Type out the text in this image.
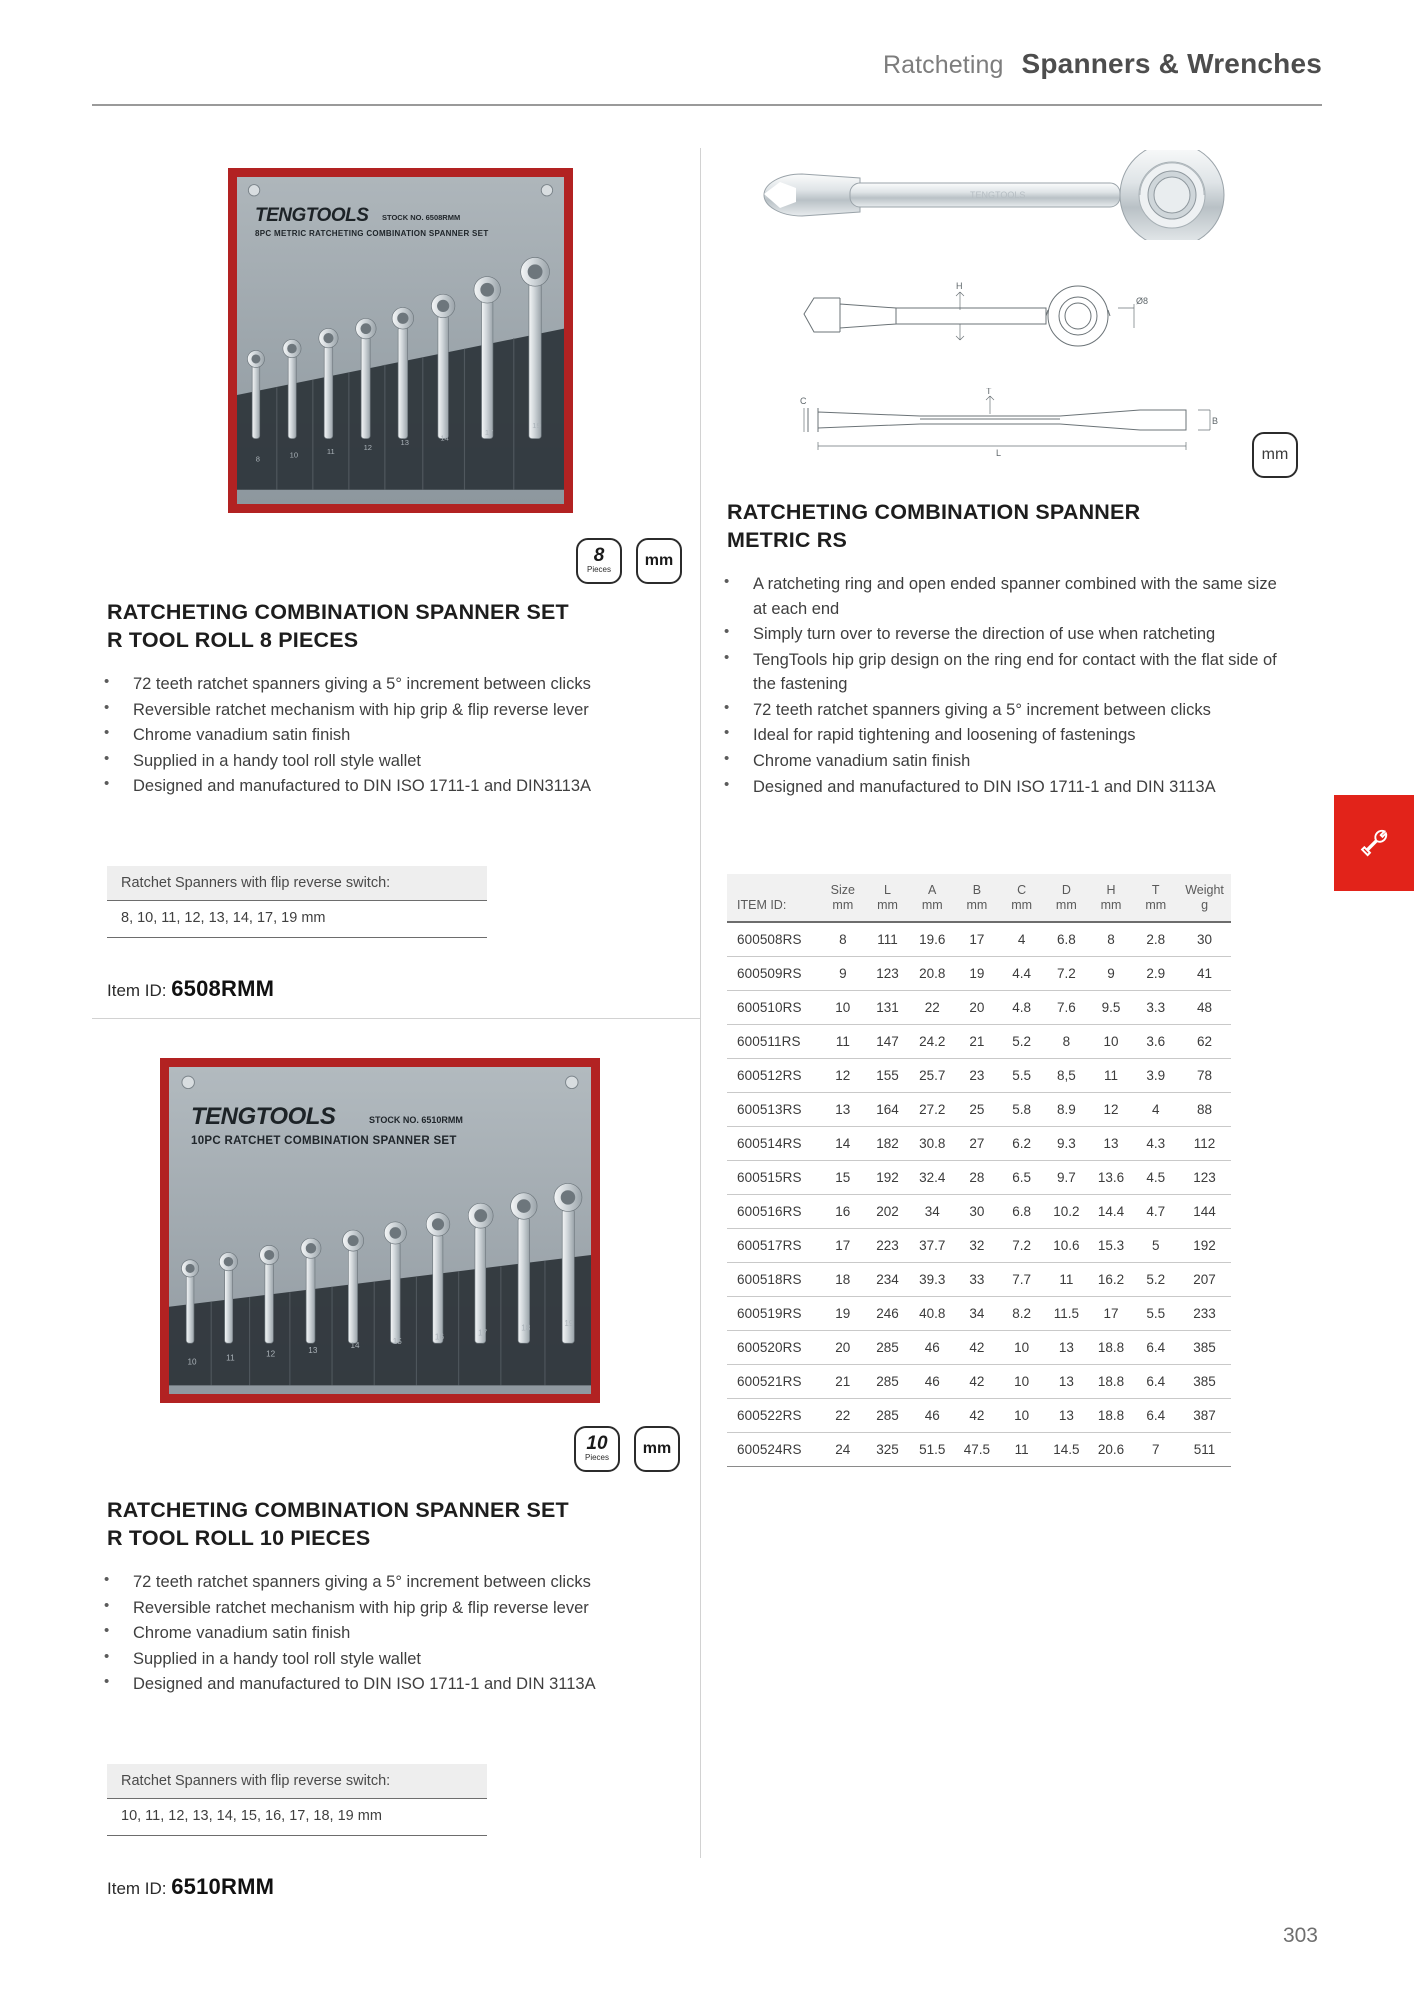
Ratcheting Spanners & Wrenches
8	10	11	12
13
14
17
19
TENGTOOLS STOCK NO. 6508RMM
8PC METRIC RATCHETING COMBINATION SPANNER SET
8
Pieces
mm
RATCHETING COMBINATION SPANNER SET R TOOL ROLL 8 PIECES
• 72 teeth ratchet spanners giving a 5° increment between clicks
• Reversible ratchet mechanism with hip grip & flip reverse lever
• Chrome vanadium satin finish
• Supplied in a handy tool roll style wallet
• Designed and manufactured to DIN ISO 1711-1 and DIN3113A
Ratchet Spanners with flip reverse switch:
8, 10, 11, 12, 13, 14, 17, 19 mm
Item ID: 6508RMM
10	11	12	13
14	15
16	17
18
19
TENGTOOLS	STOCK NO. 6510RMM
10PC RATCHET COMBINATION SPANNER SET
10
Pieces
mm
RATCHETING COMBINATION SPANNER SET R TOOL ROLL 10 PIECES
• 72 teeth ratchet spanners giving a 5° increment between clicks
• Reversible ratchet mechanism with hip grip & flip reverse lever
• Chrome vanadium satin finish
• Supplied in a handy tool roll style wallet
• Designed and manufactured to DIN ISO 1711-1 and DIN 3113A
Ratchet Spanners with flip reverse switch:
10, 11, 12, 13, 14, 15, 16, 17, 18, 19 mm
Item ID: 6510RMM
TENGTOOLS
H
Ø8
T
L
C
B
mm
RATCHETING COMBINATION SPANNER METRIC RS
• A ratcheting ring and open ended spanner combined with the same size at each end
• Simply turn over to reverse the direction of use when ratcheting
• TengTools hip grip design on the ring end for contact with the flat side of the fastening
• 72 teeth ratchet spanners giving a 5° increment between clicks
• Ideal for rapid tightening and loosening of fastenings
• Chrome vanadium satin finish
• Designed and manufactured to DIN ISO 1711-1 and DIN 3113A
	Size	L	A	B	C	D	H	T	Weight
ITEM ID:	mm	mm	mm	mm	mm	mm	mm	mm	g
600508RS	8	111	19.6	17	4	6.8	8	2.8	30
600509RS	9	123	20.8	19	4.4	7.2	9	2.9	41
600510RS	10	131	22	20	4.8	7.6	9.5	3.3	48
600511RS	11	147	24.2	21	5.2	8	10	3.6	62
600512RS	12	155	25.7	23	5.5	8,5	11	3.9	78
600513RS	13	164	27.2	25	5.8	8.9	12	4	88
600514RS	14	182	30.8	27	6.2	9.3	13	4.3	112
600515RS	15	192	32.4	28	6.5	9.7	13.6	4.5	123
600516RS	16	202	34	30	6.8	10.2	14.4	4.7	144
600517RS	17	223	37.7	32	7.2	10.6	15.3	5	192
600518RS	18	234	39.3	33	7.7	11	16.2	5.2	207
600519RS	19	246	40.8	34	8.2	11.5	17	5.5	233
600520RS	20	285	46	42	10	13	18.8	6.4	385
600521RS	21	285	46	42	10	13	18.8	6.4	385
600522RS	22	285	46	42	10	13	18.8	6.4	387
600524RS	24	325	51.5	47.5	11	14.5	20.6	7	511
303
